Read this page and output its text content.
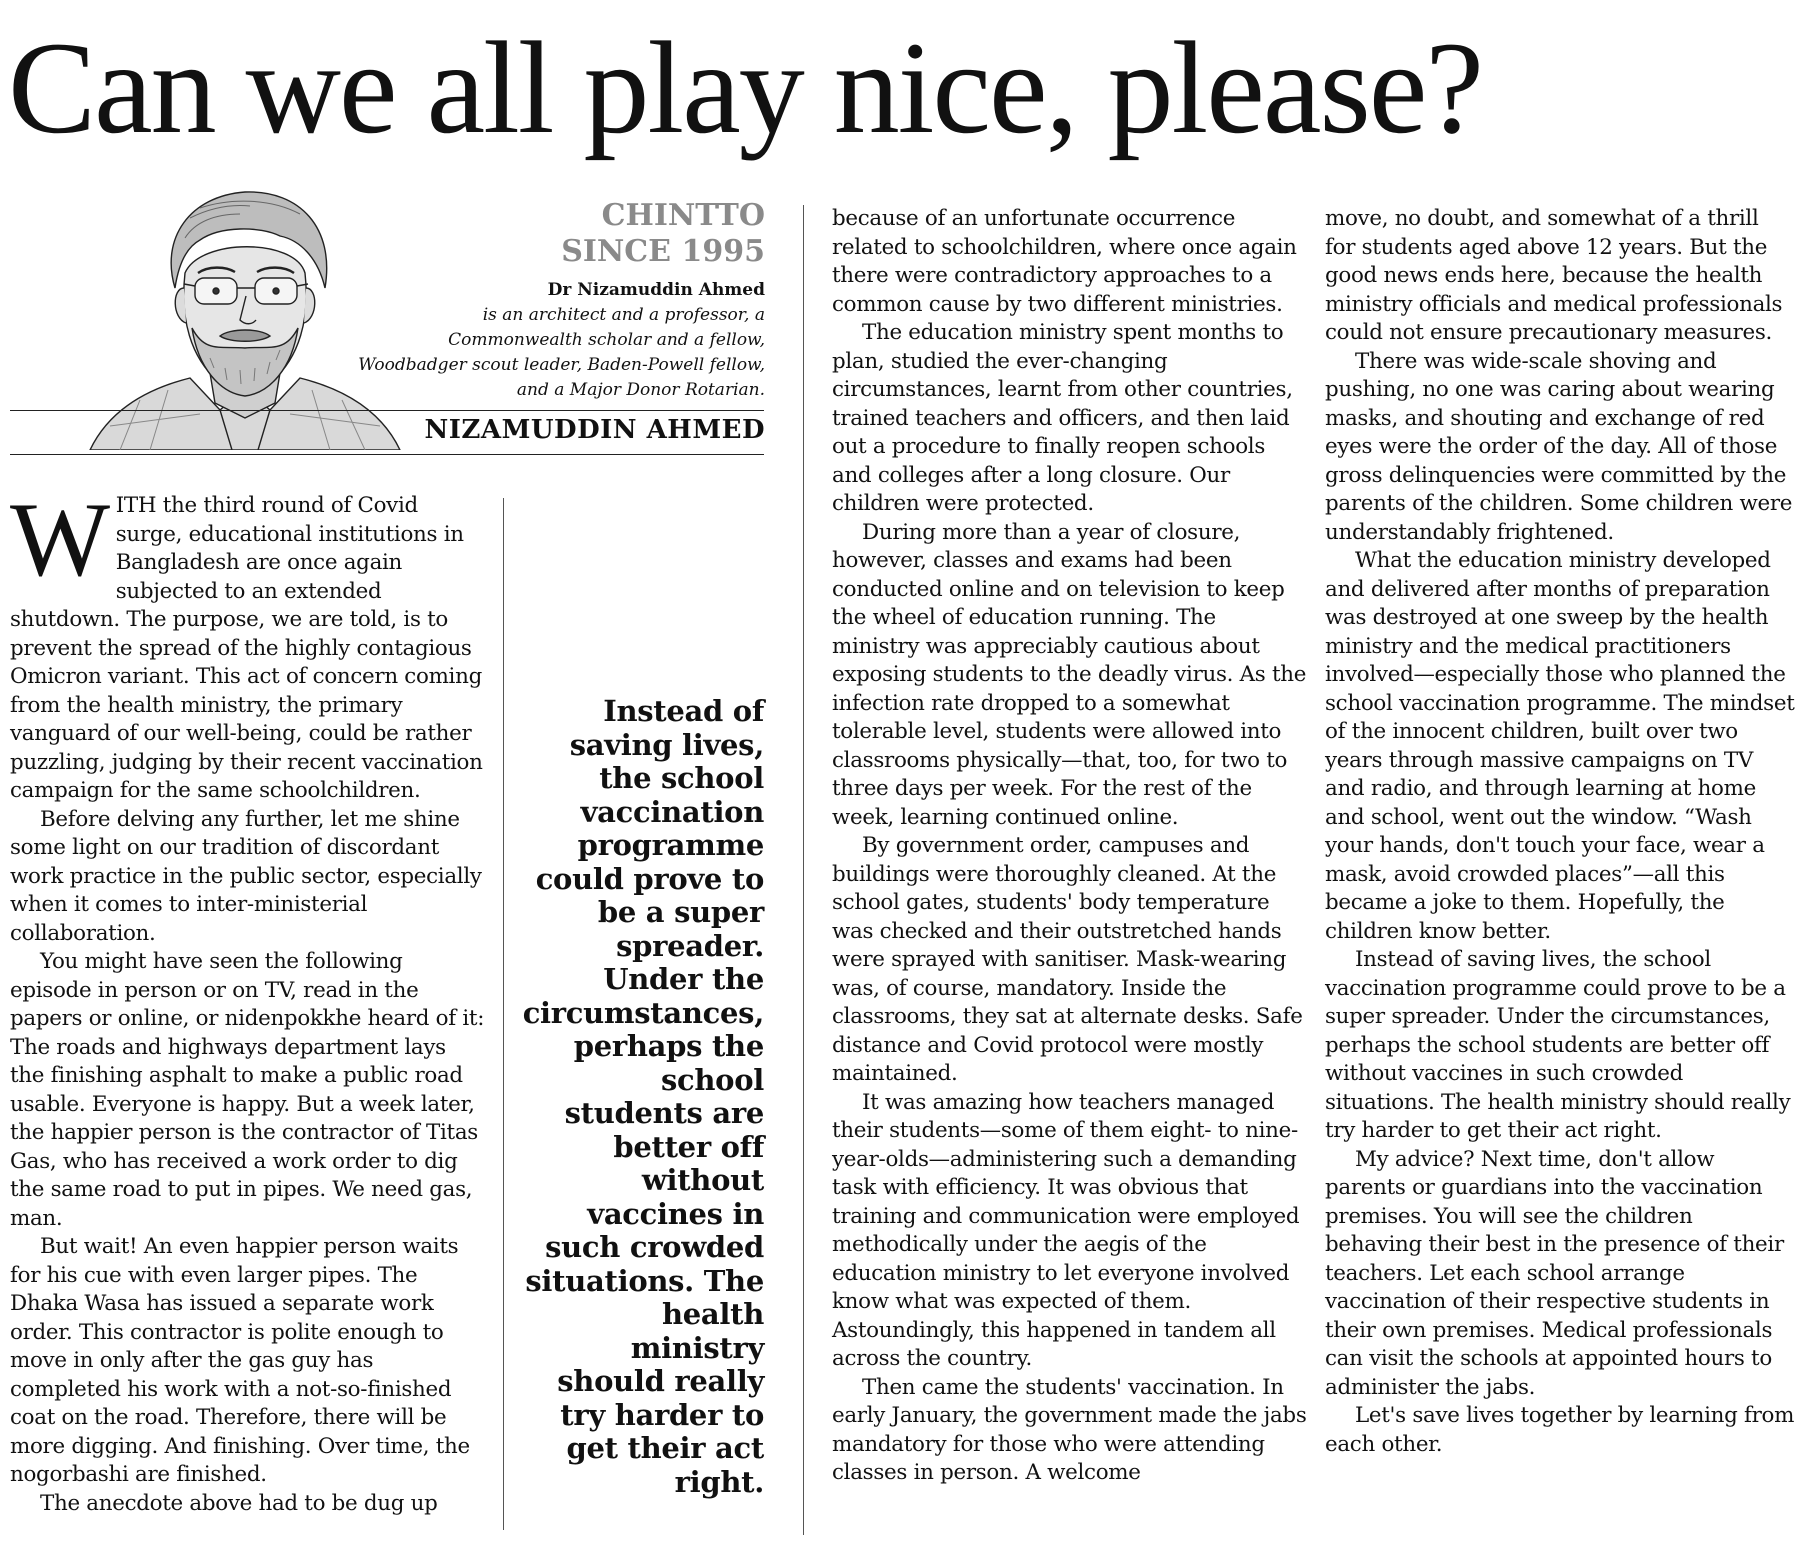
Can we all play nice, please?
CHINTTO
SINCE 1995
Dr Nizamuddin Ahmed
is an architect and a professor, a Commonwealth scholar and a fellow, Woodbadger scout leader, Baden-Powell fellow, and a Major Donor Rotarian.
NIZAMUDDIN AHMED

WITH the third round of Covid surge, educational institutions in Bangladesh are once again subjected to an extended shutdown. The purpose, we are told, is to prevent the spread of the highly contagious Omicron variant. This act of concern coming from the health ministry, the primary vanguard of our well-being, could be rather puzzling, judging by their recent vaccination campaign for the same schoolchildren.

Before delving any further, let me shine some light on our tradition of discordant work practice in the public sector, especially when it comes to inter-ministerial collaboration.

You might have seen the following episode in person or on TV, read in the papers or online, or nidenpokkhe heard of it: The roads and highways department lays the finishing asphalt to make a public road usable. Everyone is happy. But a week later, the happier person is the contractor of Titas Gas, who has received a work order to dig the same road to put in pipes. We need gas, man.

But wait! An even happier person waits for his cue with even larger pipes. The Dhaka Wasa has issued a separate work order. This contractor is polite enough to move in only after the gas guy has completed his work with a not-so-finished coat on the road. Therefore, there will be more digging. And finishing. Over time, the nogorbashi are finished.

The anecdote above had to be dug up

Instead of saving lives, the school vaccination programme could prove to be a super spreader. Under the circumstances, perhaps the school students are better off without vaccines in such crowded situations. The health ministry should really try harder to get their act right.

because of an unfortunate occurrence related to schoolchildren, where once again there were contradictory approaches to a common cause by two different ministries.

The education ministry spent months to plan, studied the ever-changing circumstances, learnt from other countries, trained teachers and officers, and then laid out a procedure to finally reopen schools and colleges after a long closure. Our children were protected.

During more than a year of closure, however, classes and exams had been conducted online and on television to keep the wheel of education running. The ministry was appreciably cautious about exposing students to the deadly virus. As the infection rate dropped to a somewhat tolerable level, students were allowed into classrooms physically—that, too, for two to three days per week. For the rest of the week, learning continued online.

By government order, campuses and buildings were thoroughly cleaned. At the school gates, students' body temperature was checked and their outstretched hands were sprayed with sanitiser. Mask-wearing was, of course, mandatory. Inside the classrooms, they sat at alternate desks. Safe distance and Covid protocol were mostly maintained.

It was amazing how teachers managed their students—some of them eight- to nine-year-olds—administering such a demanding task with efficiency. It was obvious that training and communication were employed methodically under the aegis of the education ministry to let everyone involved know what was expected of them. Astoundingly, this happened in tandem all across the country.

Then came the students' vaccination. In early January, the government made the jabs mandatory for those who were attending classes in person. A welcome

move, no doubt, and somewhat of a thrill for students aged above 12 years. But the good news ends here, because the health ministry officials and medical professionals could not ensure precautionary measures.

There was wide-scale shoving and pushing, no one was caring about wearing masks, and shouting and exchange of red eyes were the order of the day. All of those gross delinquencies were committed by the parents of the children. Some children were understandably frightened.

What the education ministry developed and delivered after months of preparation was destroyed at one sweep by the health ministry and the medical practitioners involved—especially those who planned the school vaccination programme. The mindset of the innocent children, built over two years through massive campaigns on TV and radio, and through learning at home and school, went out the window. “Wash your hands, don't touch your face, wear a mask, avoid crowded places”—all this became a joke to them. Hopefully, the children know better.

Instead of saving lives, the school vaccination programme could prove to be a super spreader. Under the circumstances, perhaps the school students are better off without vaccines in such crowded situations. The health ministry should really try harder to get their act right.

My advice? Next time, don't allow parents or guardians into the vaccination premises. You will see the children behaving their best in the presence of their teachers. Let each school arrange vaccination of their respective students in their own premises. Medical professionals can visit the schools at appointed hours to administer the jabs.

Let's save lives together by learning from each other.
